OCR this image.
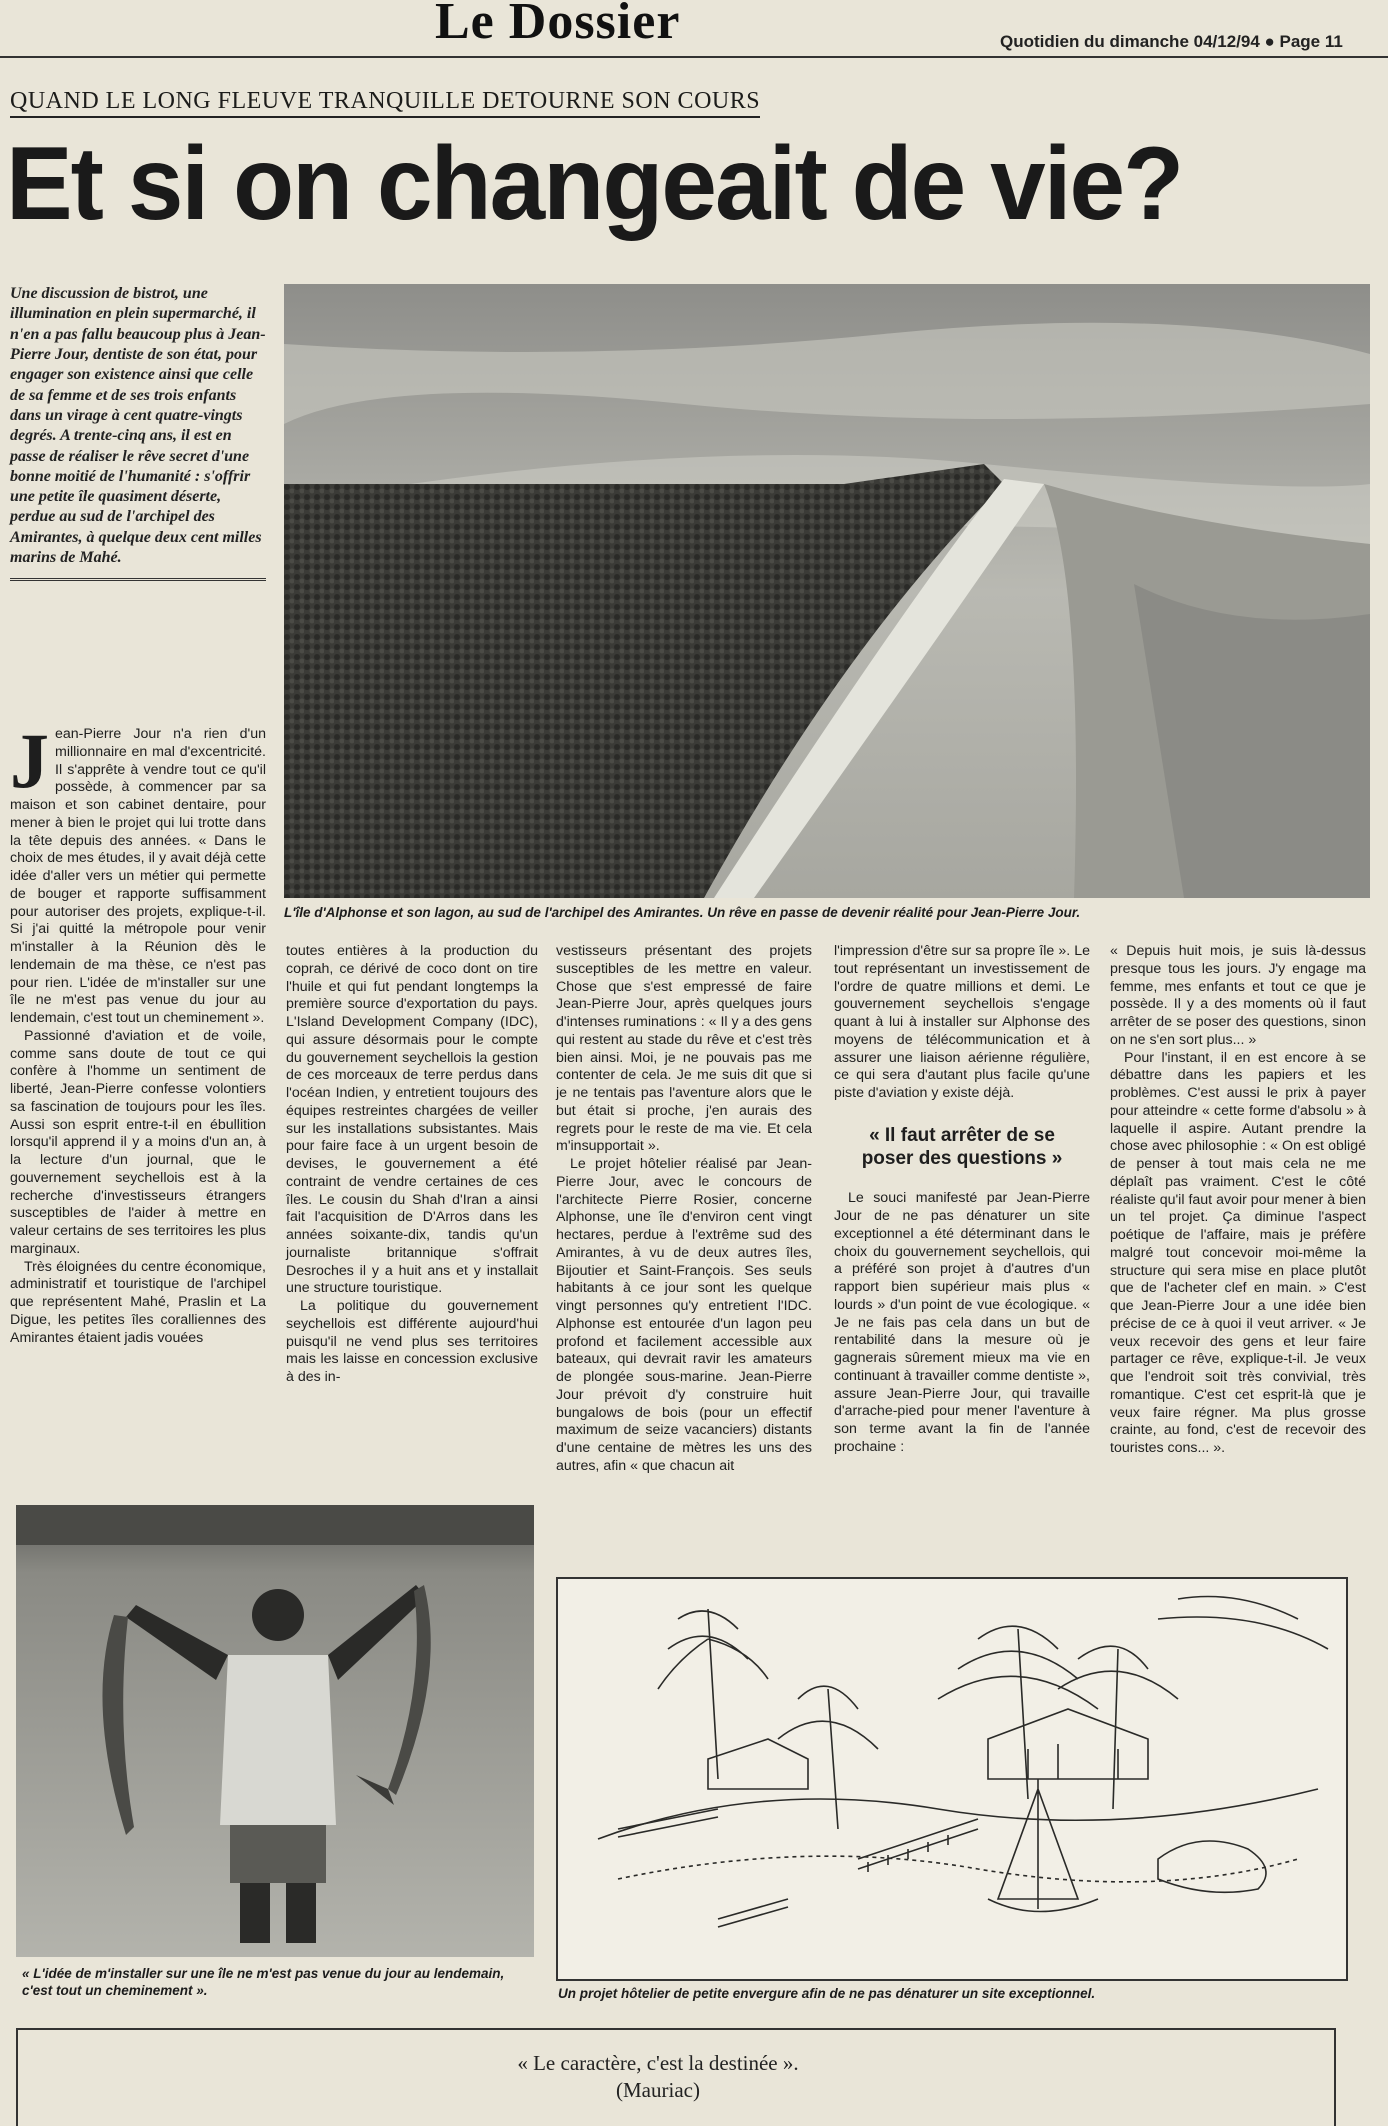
Le Dossier	Quotidien du dimanche 04/12/94 ● Page 11
QUAND LE LONG FLEUVE TRANQUILLE DETOURNE SON COURS
Et si on changeait de vie?
Une discussion de bistrot, une illumination en plein supermarché, il n'en a pas fallu beaucoup plus à Jean-Pierre Jour, dentiste de son état, pour engager son existence ainsi que celle de sa femme et de ses trois enfants dans un virage à cent quatre-vingts degrés. A trente-cinq ans, il est en passe de réaliser le rêve secret d'une bonne moitié de l'humanité : s'offrir une petite île quasiment déserte, perdue au sud de l'archipel des Amirantes, à quelque deux cent milles marins de Mahé.
L'île d'Alphonse et son lagon, au sud de l'archipel des Amirantes. Un rêve en passe de devenir réalité pour Jean-Pierre Jour.

Jean-Pierre Jour n'a rien d'un millionnaire en mal d'excentricité. Il s'apprête à vendre tout ce qu'il possède, à commencer par sa maison et son cabinet dentaire, pour mener à bien le projet qui lui trotte dans la tête depuis des années. « Dans le choix de mes études, il y avait déjà cette idée d'aller vers un métier qui permette de bouger et rapporte suffisamment pour autoriser des projets, explique-t-il. Si j'ai quitté la métropole pour venir m'installer à la Réunion dès le lendemain de ma thèse, ce n'est pas pour rien. L'idée de m'installer sur une île ne m'est pas venue du jour au lendemain, c'est tout un cheminement ».

Passionné d'aviation et de voile, comme sans doute de tout ce qui confère à l'homme un sentiment de liberté, Jean-Pierre confesse volontiers sa fascination de toujours pour les îles. Aussi son esprit entre-t-il en ébullition lorsqu'il apprend il y a moins d'un an, à la lecture d'un journal, que le gouvernement seychellois est à la recherche d'investisseurs étrangers susceptibles de l'aider à mettre en valeur certains de ses territoires les plus marginaux.

Très éloignées du centre économique, administratif et touristique de l'archipel que représentent Mahé, Praslin et La Digue, les petites îles coralliennes des Amirantes étaient jadis vouées

toutes entières à la production du coprah, ce dérivé de coco dont on tire l'huile et qui fut pendant longtemps la première source d'exportation du pays. L'Island Development Company (IDC), qui assure désormais pour le compte du gouvernement seychellois la gestion de ces morceaux de terre perdus dans l'océan Indien, y entretient toujours des équipes restreintes chargées de veiller sur les installations subsistantes. Mais pour faire face à un urgent besoin de devises, le gouvernement a été contraint de vendre certaines de ces îles. Le cousin du Shah d'Iran a ainsi fait l'acquisition de D'Arros dans les années soixante-dix, tandis qu'un journaliste britannique s'offrait Desroches il y a huit ans et y installait une structure touristique.

La politique du gouvernement seychellois est différente aujourd'hui puisqu'il ne vend plus ses territoires mais les laisse en concession exclusive à des in-

vestisseurs présentant des projets susceptibles de les mettre en valeur. Chose que s'est empressé de faire Jean-Pierre Jour, après quelques jours d'intenses ruminations : « Il y a des gens qui restent au stade du rêve et c'est très bien ainsi. Moi, je ne pouvais pas me contenter de cela. Je me suis dit que si je ne tentais pas l'aventure alors que le but était si proche, j'en aurais des regrets pour le reste de ma vie. Et cela m'insupportait ».

Le projet hôtelier réalisé par Jean-Pierre Jour, avec le concours de l'architecte Pierre Rosier, concerne Alphonse, une île d'environ cent vingt hectares, perdue à l'extrême sud des Amirantes, à vu de deux autres îles, Bijoutier et Saint-François. Ses seuls habitants à ce jour sont les quelque vingt personnes qu'y entretient l'IDC. Alphonse est entourée d'un lagon peu profond et facilement accessible aux bateaux, qui devrait ravir les amateurs de plongée sous-marine. Jean-Pierre Jour prévoit d'y construire huit bungalows de bois (pour un effectif maximum de seize vacanciers) distants d'une centaine de mètres les uns des autres, afin « que chacun ait

l'impression d'être sur sa propre île ». Le tout représentant un investissement de l'ordre de quatre millions et demi. Le gouvernement seychellois s'engage quant à lui à installer sur Alphonse des moyens de télécommunication et à assurer une liaison aérienne régulière, ce qui sera d'autant plus facile qu'une piste d'aviation y existe déjà.

« Il faut arrêter de se poser des questions »

Le souci manifesté par Jean-Pierre Jour de ne pas dénaturer un site exceptionnel a été déterminant dans le choix du gouvernement seychellois, qui a préféré son projet à d'autres d'un rapport bien supérieur mais plus « lourds » d'un point de vue écologique. « Je ne fais pas cela dans un but de rentabilité dans la mesure où je gagnerais sûrement mieux ma vie en continuant à travailler comme dentiste », assure Jean-Pierre Jour, qui travaille d'arrache-pied pour mener l'aventure à son terme avant la fin de l'année prochaine :

« Depuis huit mois, je suis là-dessus presque tous les jours. J'y engage ma femme, mes enfants et tout ce que je possède. Il y a des moments où il faut arrêter de se poser des questions, sinon on ne s'en sort plus... »

Pour l'instant, il en est encore à se débattre dans les papiers et les problèmes. C'est aussi le prix à payer pour atteindre « cette forme d'absolu » à laquelle il aspire. Autant prendre la chose avec philosophie : « On est obligé de penser à tout mais cela ne me déplaît pas vraiment. C'est le côté réaliste qu'il faut avoir pour mener à bien un tel projet. Ça diminue l'aspect poétique de l'affaire, mais je préfère malgré tout concevoir moi-même la structure qui sera mise en place plutôt que de l'acheter clef en main. » C'est que Jean-Pierre Jour a une idée bien précise de ce à quoi il veut arriver. « Je veux recevoir des gens et leur faire partager ce rêve, explique-t-il. Je veux que l'endroit soit très convivial, très romantique. C'est cet esprit-là que je veux faire régner. Ma plus grosse crainte, au fond, c'est de recevoir des touristes cons... ».

« L'idée de m'installer sur une île ne m'est pas venue du jour au lendemain, c'est tout un cheminement ».	Un projet hôtelier de petite envergure afin de ne pas dénaturer un site exceptionnel.
« Le caractère, c'est la destinée ».
(Mauriac)
